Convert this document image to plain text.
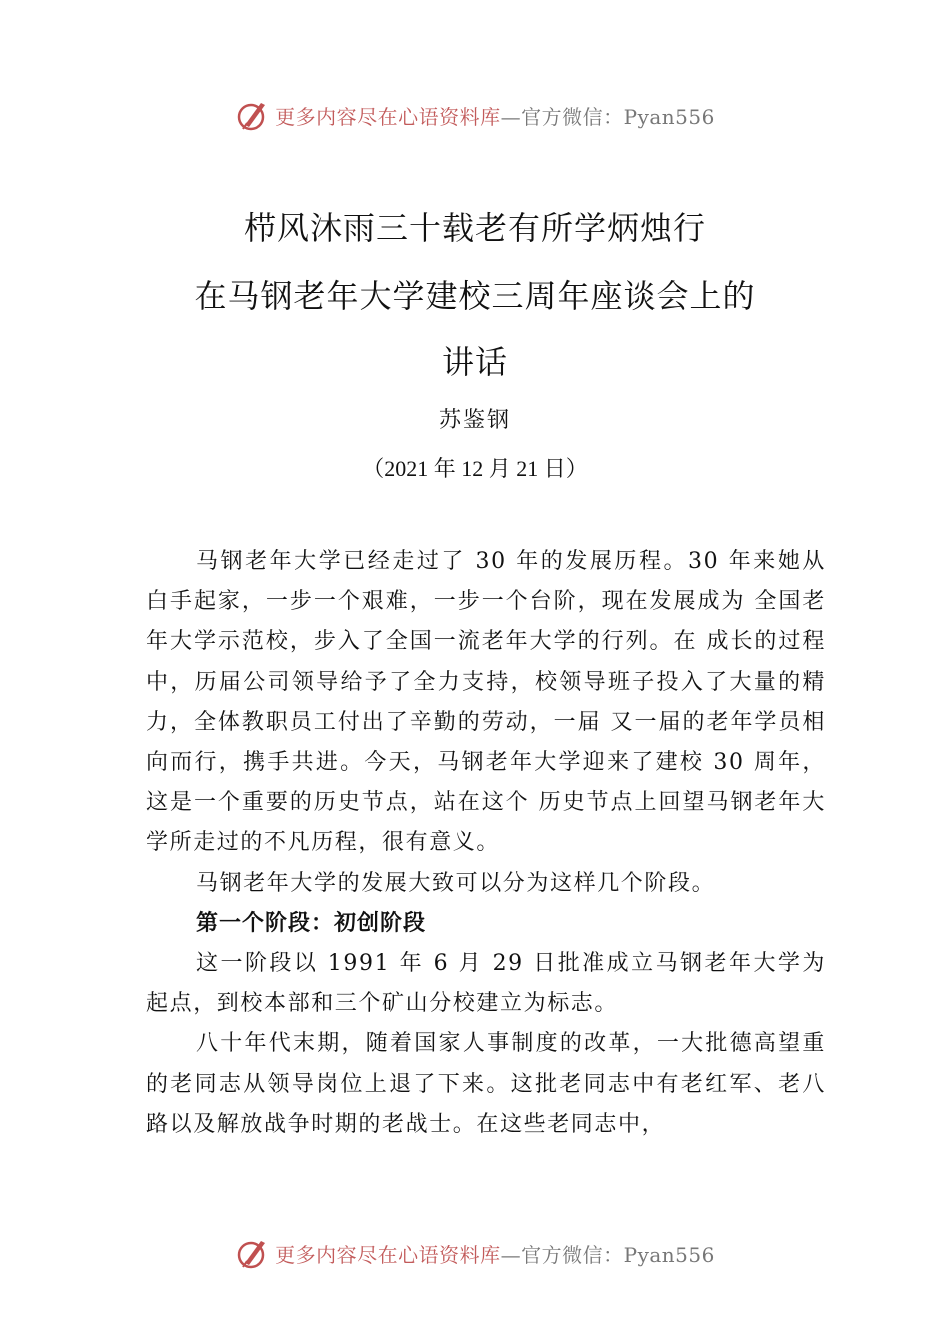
更多内容尽在心语资料库—官方微信：Pyan556
栉风沐雨三十载老有所学炳烛行
在马钢老年大学建校三周年座谈会上的
讲话
苏鉴钢
（2021 年 12 月 21 日）

马钢老年大学已经走过了 30 年的发展历程。30 年来她从白手起家，一步一个艰难，一步一个台阶，现在发展成为 全国老年大学示范校，步入了全国一流老年大学的行列。在 成长的过程中，历届公司领导给予了全力支持，校领导班子投入了大量的精力，全体教职员工付出了辛勤的劳动，一届 又一届的老年学员相向而行，携手共进。今天，马钢老年大学迎来了建校 30 周年，这是一个重要的历史节点，站在这个 历史节点上回望马钢老年大学所走过的不凡历程，很有意义。

马钢老年大学的发展大致可以分为这样几个阶段。

第一个阶段：初创阶段

这一阶段以 1991 年 6 月 29 日批准成立马钢老年大学为起点，到校本部和三个矿山分校建立为标志。

八十年代末期，随着国家人事制度的改革，一大批德高望重的老同志从领导岗位上退了下来。这批老同志中有老红军、老八路以及解放战争时期的老战士。在这些老同志中，

更多内容尽在心语资料库—官方微信：Pyan556
